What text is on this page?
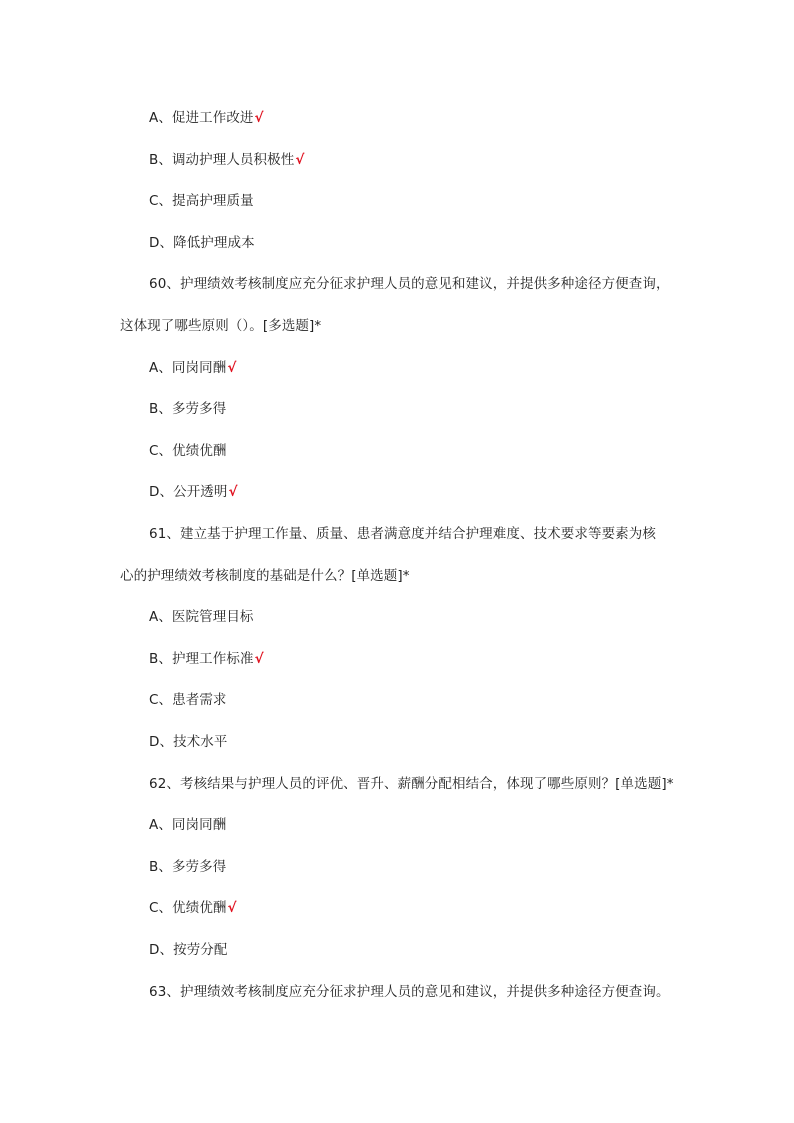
A、促进工作改进√
B、调动护理人员积极性√
C、提高护理质量
D、降低护理成本
60、护理绩效考核制度应充分征求护理人员的意见和建议，并提供多种途径方便查询，
这体现了哪些原则（）。[多选题]*
A、同岗同酬√
B、多劳多得
C、优绩优酬
D、公开透明√
61、建立基于护理工作量、质量、患者满意度并结合护理难度、技术要求等要素为核
心的护理绩效考核制度的基础是什么？[单选题]*
A、医院管理目标
B、护理工作标准√
C、患者需求
D、技术水平
62、考核结果与护理人员的评优、晋升、薪酬分配相结合，体现了哪些原则？[单选题]*
A、同岗同酬
B、多劳多得
C、优绩优酬√
D、按劳分配
63、护理绩效考核制度应充分征求护理人员的意见和建议，并提供多种途径方便查询。
